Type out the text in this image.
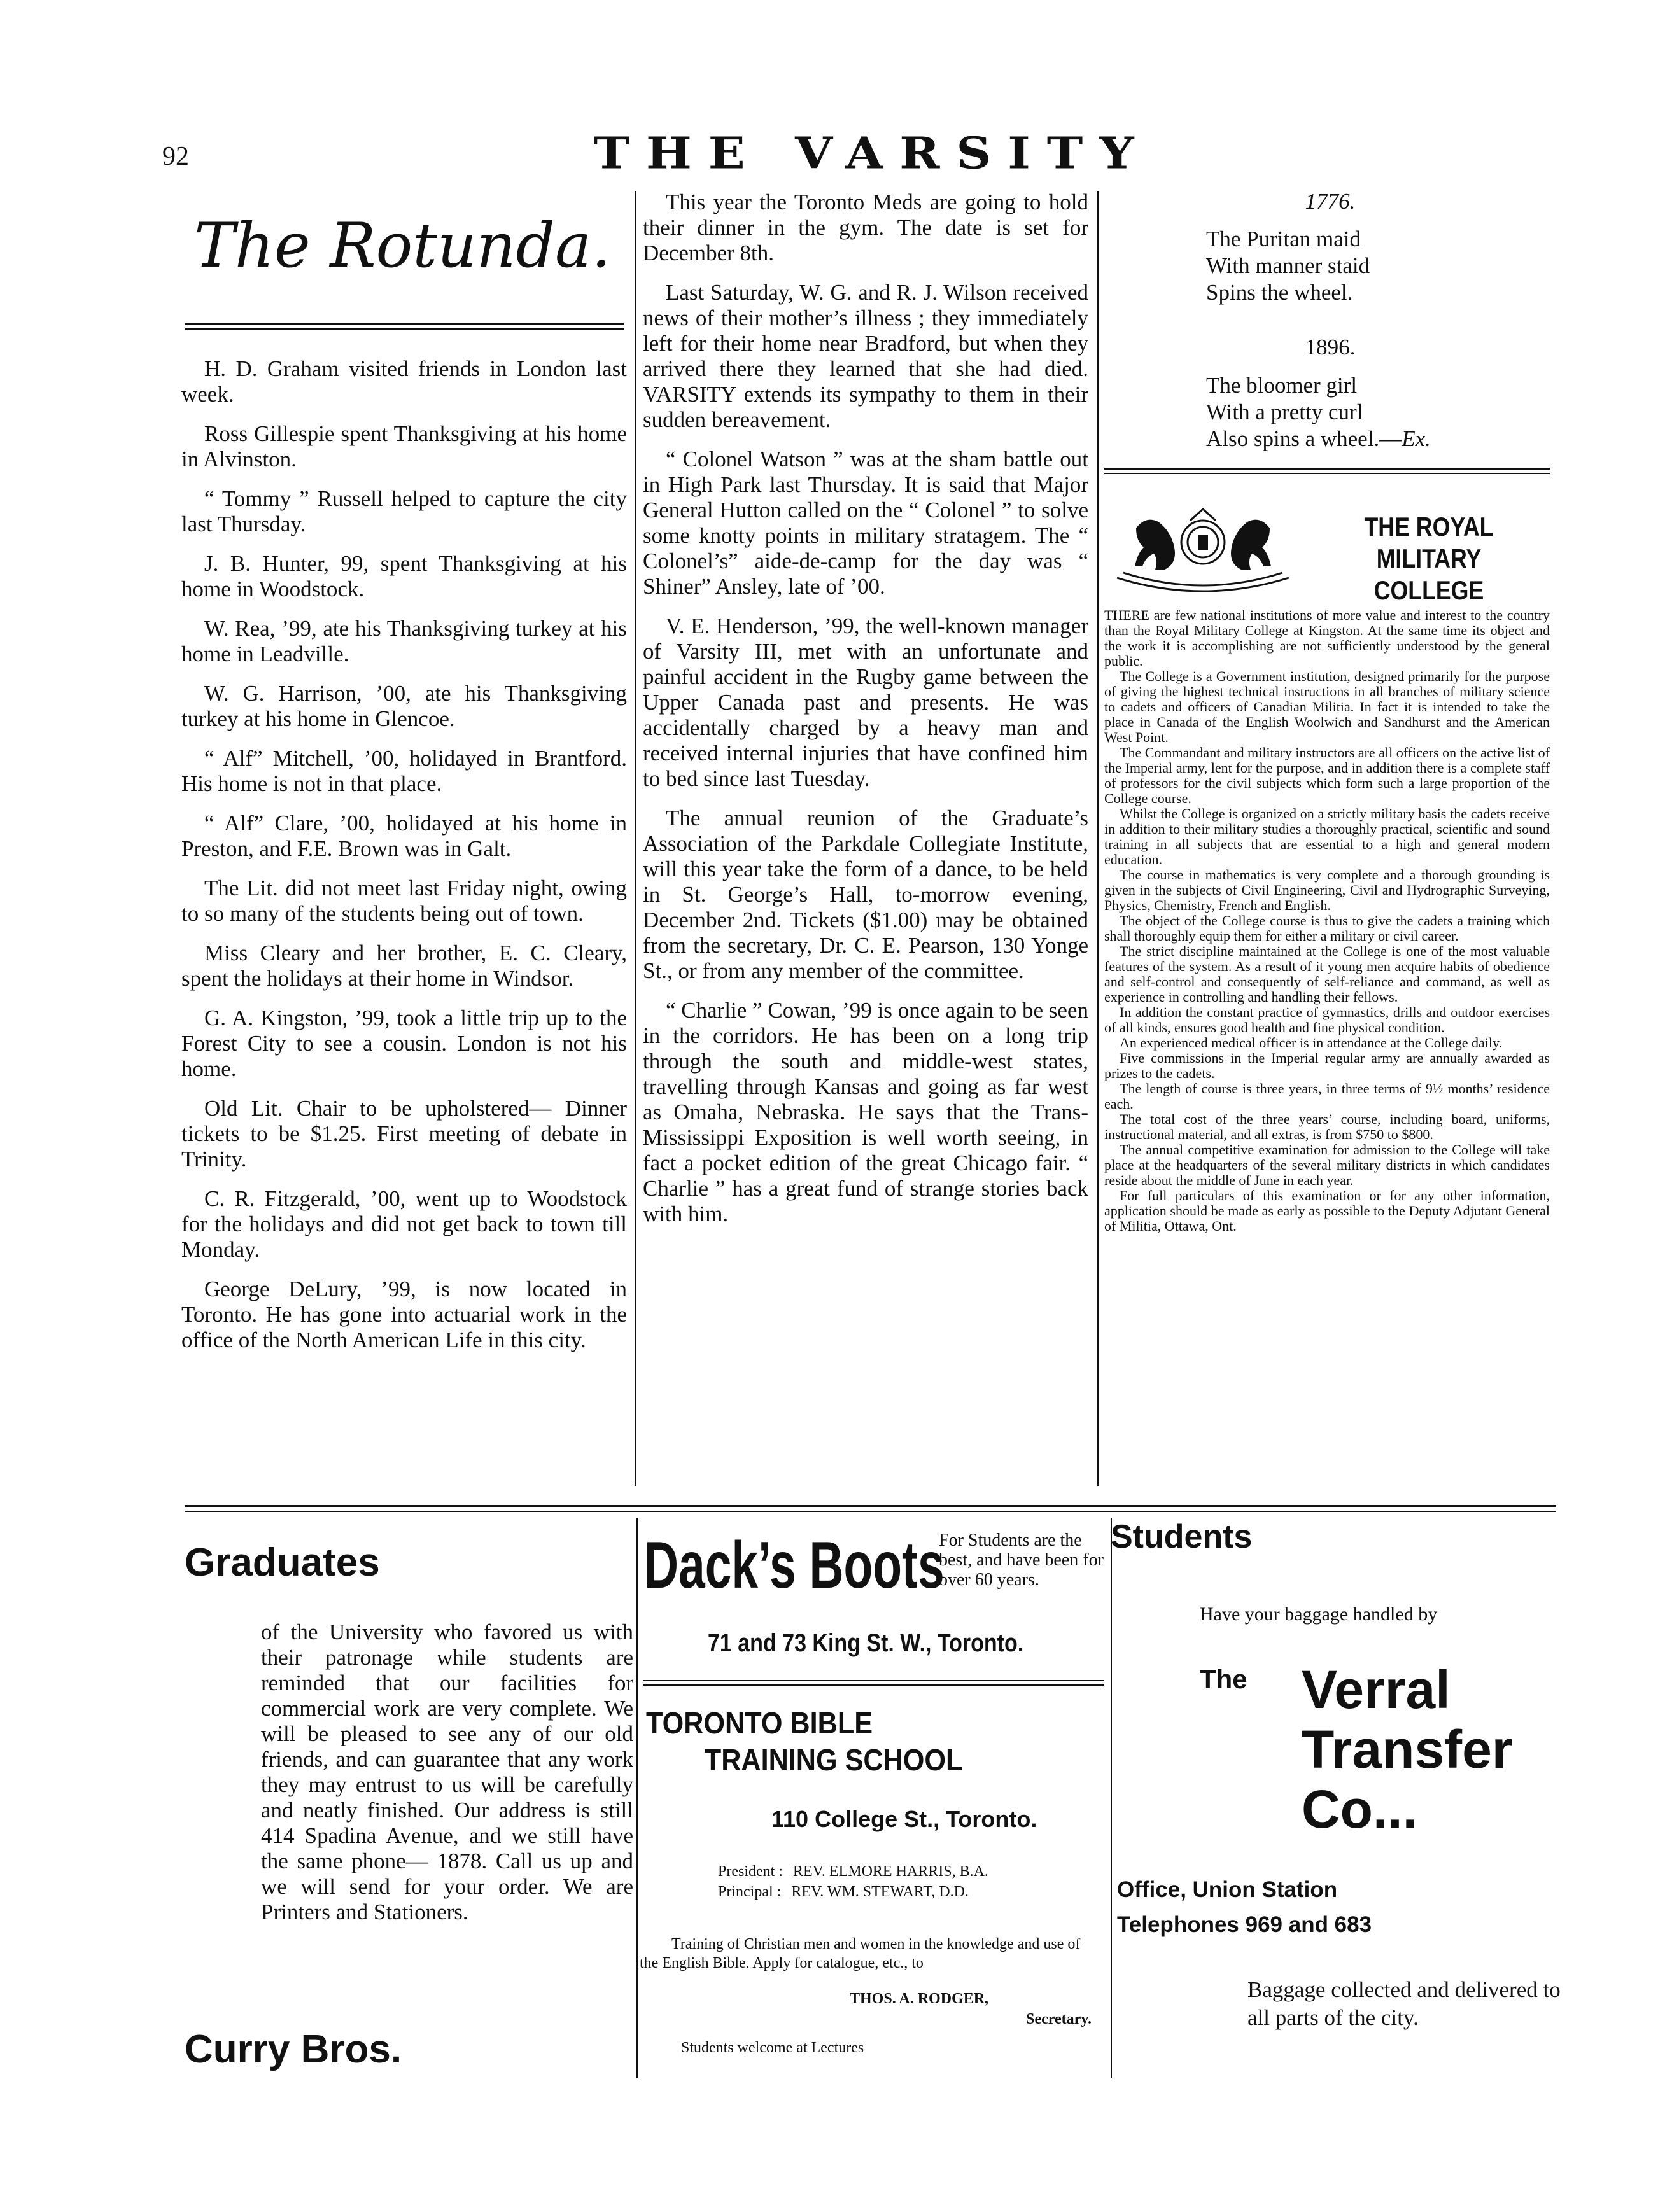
92	THE VARSITY
The Rotunda.

H. D. Graham visited friends in London last week.

Ross Gillespie spent Thanksgiving at his home in Alvinston.

“ Tommy ” Russell helped to capture the city last Thursday.

J. B. Hunter, 99, spent Thanksgiving at his home in Woodstock.

W. Rea, ’99, ate his Thanksgiving turkey at his home in Leadville.

W. G. Harrison, ’00, ate his Thanksgiving turkey at his home in Glencoe.

“ Alf” Mitchell, ’00, holidayed in Brantford. His home is not in that place.

“ Alf” Clare, ’00, holidayed at his home in Preston, and F.E. Brown was in Galt.

The Lit. did not meet last Friday night, owing to so many of the students being out of town.

Miss Cleary and her brother, E. C. Cleary, spent the holidays at their home in Windsor.

G. A. Kingston, ’99, took a little trip up to the Forest City to see a cousin. London is not his home.

Old Lit. Chair to be upholstered— Dinner tickets to be $1.25. First meeting of debate in Trinity.

C. R. Fitzgerald, ’00, went up to Woodstock for the holidays and did not get back to town till Monday.

George DeLury, ’99, is now located in Toronto. He has gone into actuarial work in the office of the North American Life in this city.

This year the Toronto Meds are going to hold their dinner in the gym. The date is set for December 8th.

Last Saturday, W. G. and R. J. Wilson received news of their mother’s illness ; they immediately left for their home near Bradford, but when they arrived there they learned that she had died. VARSITY extends its sympathy to them in their sudden bereavement.

“ Colonel Watson ” was at the sham battle out in High Park last Thursday. It is said that Major General Hutton called on the “ Colonel ” to solve some knotty points in military stratagem. The “ Colonel’s” aide-de-camp for the day was “ Shiner” Ansley, late of ’00.

V. E. Henderson, ’99, the well-known manager of Varsity III, met with an unfortunate and painful accident in the Rugby game between the Upper Canada past and presents. He was accidentally charged by a heavy man and received internal injuries that have confined him to bed since last Tuesday.

The annual reunion of the Graduate’s Association of the Parkdale Collegiate Institute, will this year take the form of a dance, to be held in St. George’s Hall, to-morrow evening, December 2nd. Tickets ($1.00) may be obtained from the secretary, Dr. C. E. Pearson, 130 Yonge St., or from any member of the committee.

“ Charlie ” Cowan, ’99 is once again to be seen in the corridors. He has been on a long trip through the south and middle-west states, travelling through Kansas and going as far west as Omaha, Nebraska. He says that the Trans-Mississippi Exposition is well worth seeing, in fact a pocket edition of the great Chicago fair. “ Charlie ” has a great fund of strange stories back with him.

1776.
The Puritan maid
With manner staid
Spins the wheel.
1896.
The bloomer girl
With a pretty curl
Also spins a wheel.—Ex.
THE ROYAL
MILITARY COLLEGE

THERE are few national institutions of more value and interest to the country than the Royal Military College at Kingston. At the same time its object and the work it is accomplishing are not sufficiently understood by the general public.

The College is a Government institution, designed primarily for the purpose of giving the highest technical instructions in all branches of military science to cadets and officers of Canadian Militia. In fact it is intended to take the place in Canada of the English Woolwich and Sandhurst and the American West Point.

The Commandant and military instructors are all officers on the active list of the Imperial army, lent for the purpose, and in addition there is a complete staff of professors for the civil subjects which form such a large proportion of the College course.

Whilst the College is organized on a strictly military basis the cadets receive in addition to their military studies a thoroughly practical, scientific and sound training in all subjects that are essential to a high and general modern education.

The course in mathematics is very complete and a thorough grounding is given in the subjects of Civil Engineering, Civil and Hydrographic Surveying, Physics, Chemistry, French and English.

The object of the College course is thus to give the cadets a training which shall thoroughly equip them for either a military or civil career.

The strict discipline maintained at the College is one of the most valuable features of the system. As a result of it young men acquire habits of obedience and self-control and consequently of self-reliance and command, as well as experience in controlling and handling their fellows.

In addition the constant practice of gymnastics, drills and outdoor exercises of all kinds, ensures good health and fine physical condition.

An experienced medical officer is in attendance at the College daily.

Five commissions in the Imperial regular army are annually awarded as prizes to the cadets.

The length of course is three years, in three terms of 9½ months’ residence each.

The total cost of the three years’ course, including board, uniforms, instructional material, and all extras, is from $750 to $800.

The annual competitive examination for admission to the College will take place at the headquarters of the several military districts in which candidates reside about the middle of June in each year.

For full particulars of this examination or for any other information, application should be made as early as possible to the Deputy Adjutant General of Militia, Ottawa, Ont.

Graduates
of the University who favored us with their patronage while students are reminded that our facilities for commercial work are very complete. We will be pleased to see any of our old friends, and can guarantee that any work they may entrust to us will be carefully and neatly finished. Our address is still 414 Spadina Avenue, and we still have the same phone— 1878. Call us up and we will send for your order. We are Printers and Stationers.
Curry Bros.
Dack’s Boots
For Students are the best, and have been for over 60 years.
71 and 73 King St. W., Toronto.
TORONTO BIBLE
TRAINING SCHOOL
110 College St., Toronto.
President : REV. ELMORE HARRIS, B.A.
Principal : REV. WM. STEWART, D.D.
Training of Christian men and women in the knowledge and use of the English Bible. Apply for catalogue, etc., to
THOS. A. RODGER,
Secretary.
Students welcome at Lectures
Students
Have your baggage handled by
The Verral
Transfer
Co...
Office, Union Station
Telephones 969 and 683
Baggage collected and delivered to all parts of the city.
